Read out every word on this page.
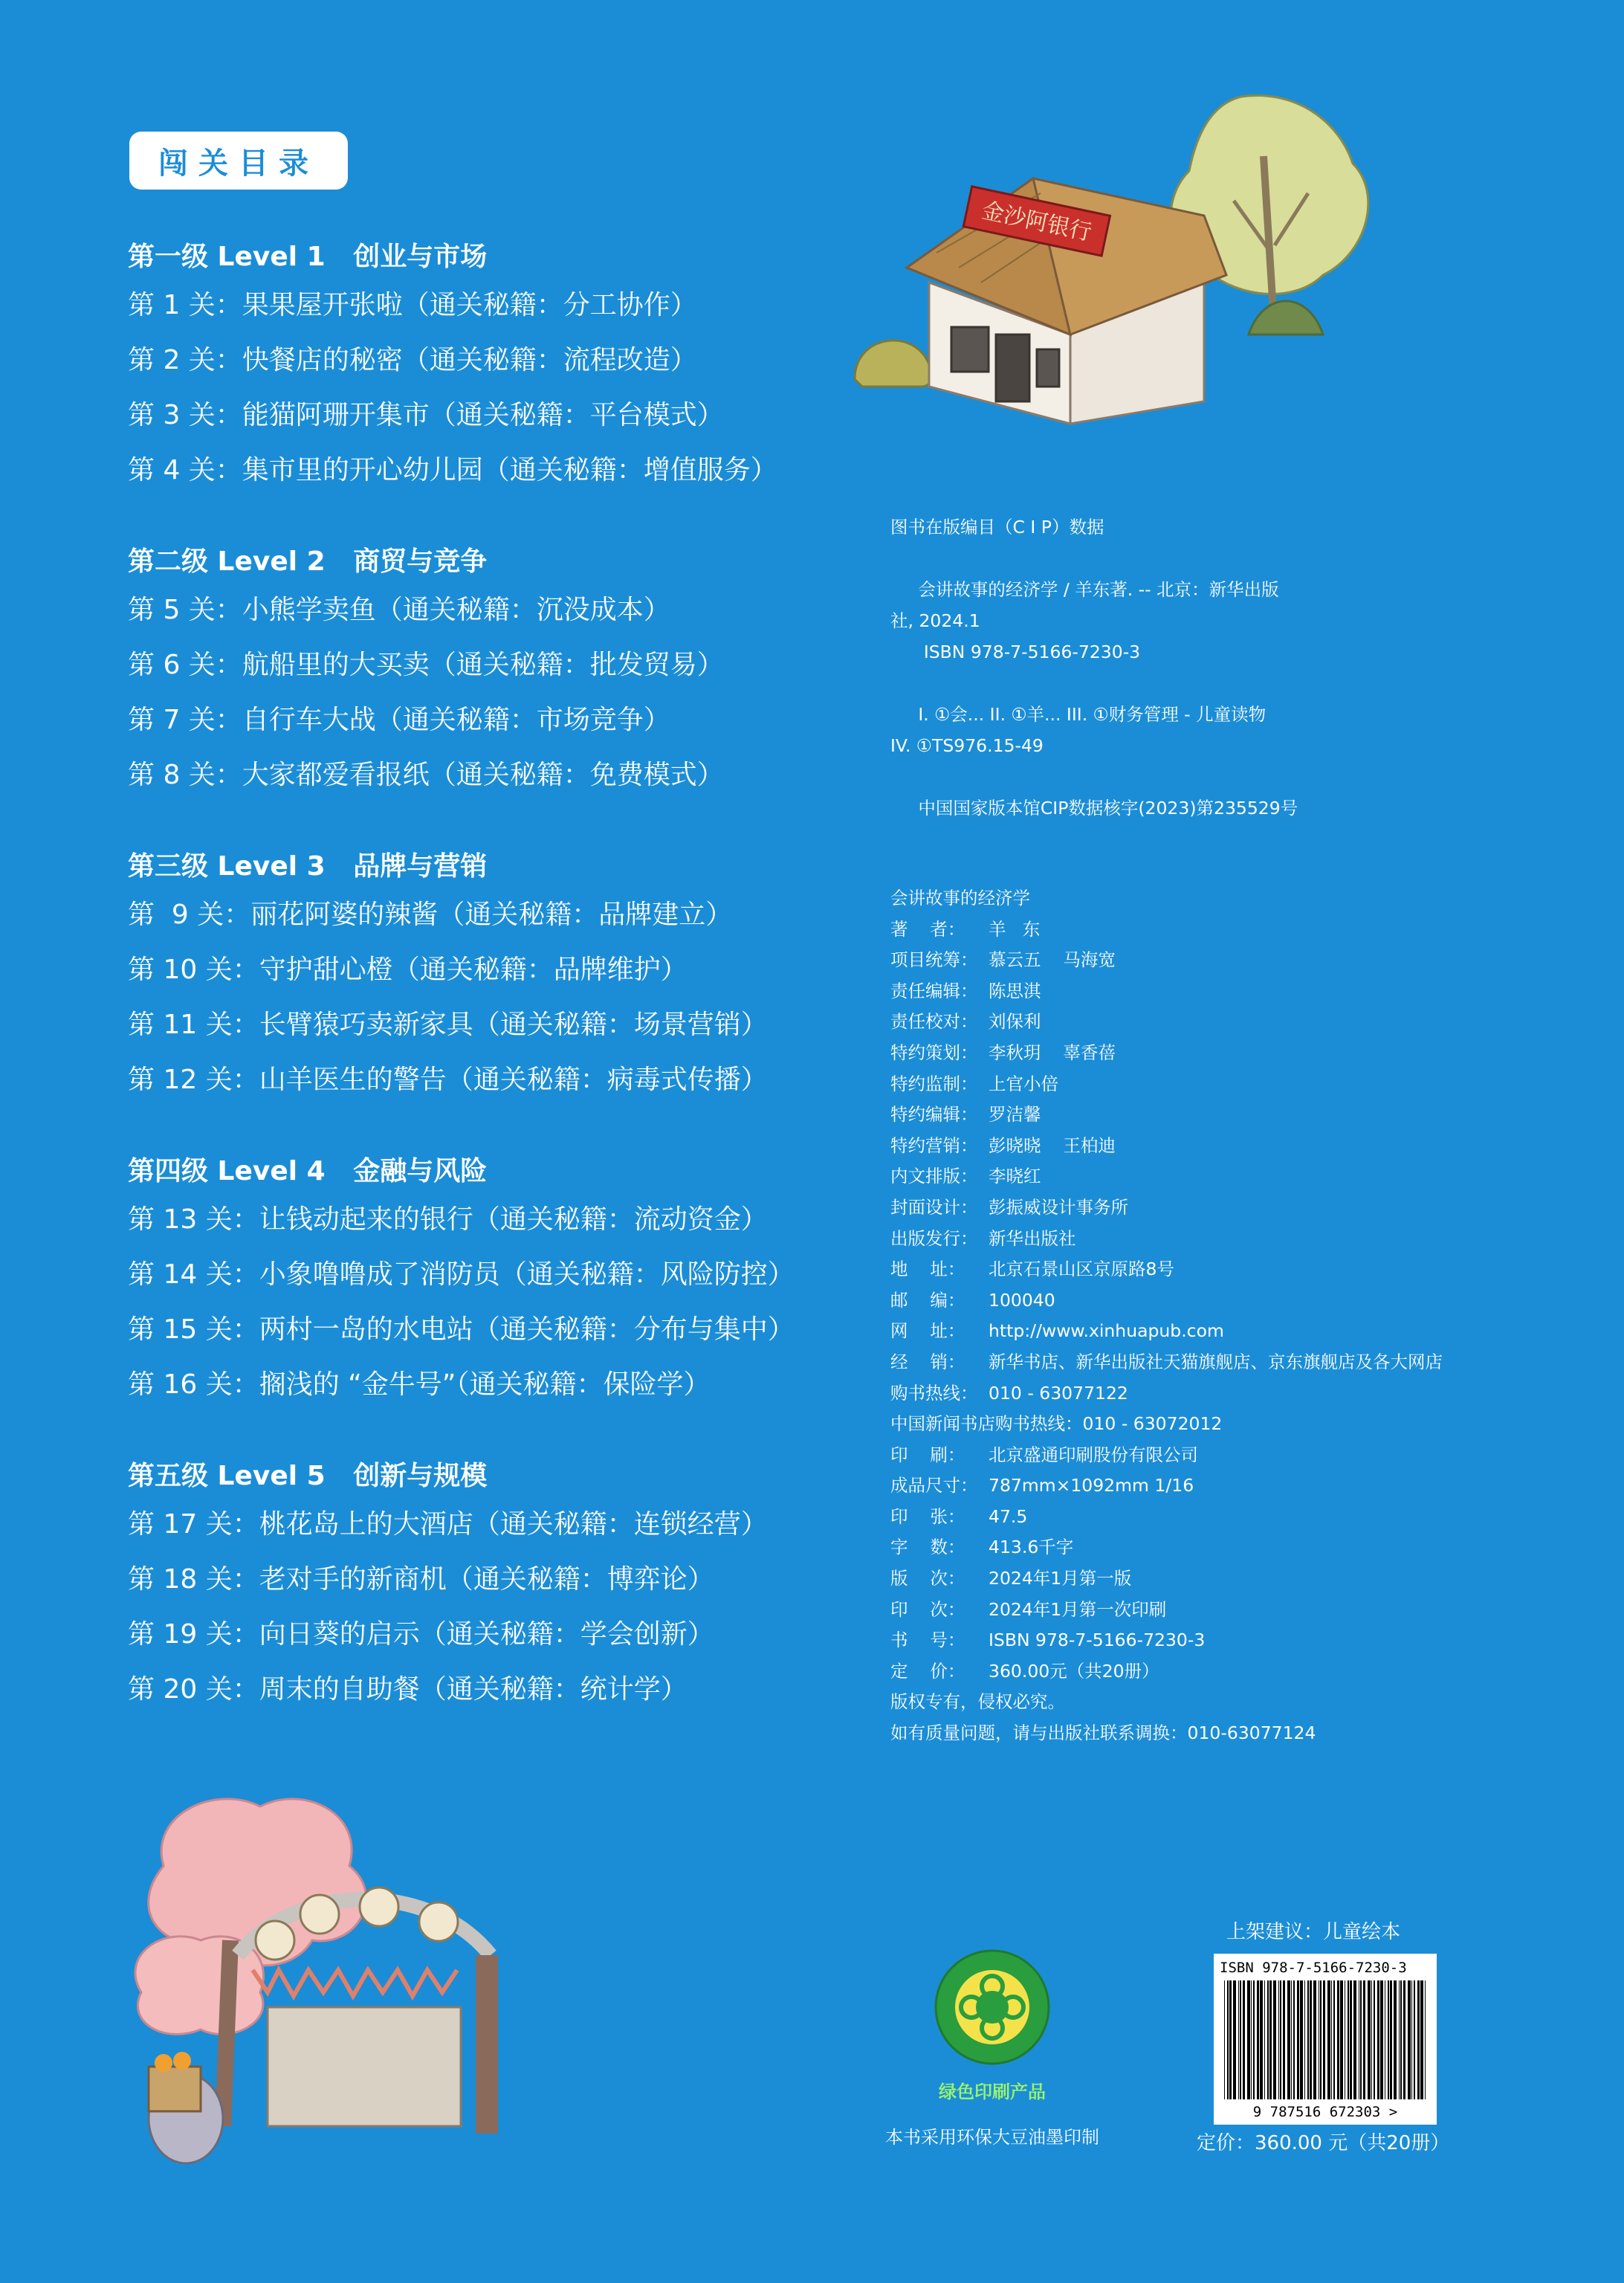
闯关目录
第一级 Level 1   创业与市场
第 1 关：果果屋开张啦（通关秘籍：分工协作）
第 2 关：快餐店的秘密（通关秘籍：流程改造）
第 3 关：能猫阿珊开集市（通关秘籍：平台模式）
第 4 关：集市里的开心幼儿园（通关秘籍：增值服务）
第二级 Level 2   商贸与竞争
第 5 关：小熊学卖鱼（通关秘籍：沉没成本）
第 6 关：航船里的大买卖（通关秘籍：批发贸易）
第 7 关：自行车大战（通关秘籍：市场竞争）
第 8 关：大家都爱看报纸（通关秘籍：免费模式）
第三级 Level 3   品牌与营销
第  9 关：丽花阿婆的辣酱（通关秘籍：品牌建立）
第 10 关：守护甜心橙（通关秘籍：品牌维护）
第 11 关：长臂猿巧卖新家具（通关秘籍：场景营销）
第 12 关：山羊医生的警告（通关秘籍：病毒式传播）
第四级 Level 4   金融与风险
第 13 关：让钱动起来的银行（通关秘籍：流动资金）
第 14 关：小象噜噜成了消防员（通关秘籍：风险防控）
第 15 关：两村一岛的水电站（通关秘籍：分布与集中）
第 16 关：搁浅的 “金牛号”（通关秘籍：保险学）
第五级 Level 5   创新与规模
第 17 关：桃花岛上的大酒店（通关秘籍：连锁经营）
第 18 关：老对手的新商机（通关秘籍：博弈论）
第 19 关：向日葵的启示（通关秘籍：学会创新）
第 20 关：周末的自助餐（通关秘籍：统计学）
金沙阿银行
图书在版编目（C I P）数据
会讲故事的经济学 / 羊东著. -- 北京：新华出版
社, 2024.1
ISBN 978-7-5166-7230-3
I. ①会... II. ①羊... III. ①财务管理 - 儿童读物
IV. ①TS976.15-49
中国国家版本馆CIP数据核字(2023)第235529号
会讲故事的经济学
著    者： 羊   东
项目统筹： 慕云五    马海宽
责任编辑： 陈思淇
责任校对： 刘保利
特约策划： 李秋玥    辜香蓓
特约监制： 上官小倍
特约编辑： 罗洁馨
特约营销： 彭晓晓    王柏迪
内文排版： 李晓红
封面设计： 彭振威设计事务所
出版发行： 新华出版社
地    址： 北京石景山区京原路8号
邮    编： 100040
网    址： http://www.xinhuapub.com
经    销： 新华书店、新华出版社天猫旗舰店、京东旗舰店及各大网店
购书热线： 010 - 63077122
中国新闻书店购书热线：010 - 63072012
印    刷： 北京盛通印刷股份有限公司
成品尺寸： 787mm×1092mm 1/16
印    张： 47.5
字    数： 413.6千字
版    次： 2024年1月第一版
印    次： 2024年1月第一次印刷
书    号： ISBN 978-7-5166-7230-3
定    价： 360.00元（共20册）
版权专有，侵权必究。
如有质量问题，请与出版社联系调换：010-63077124
绿色印刷产品
本书采用环保大豆油墨印制
上架建议：儿童绘本
ISBN 978-7-5166-7230-3
9 787516 672303 >
定价：360.00 元（共20册）
